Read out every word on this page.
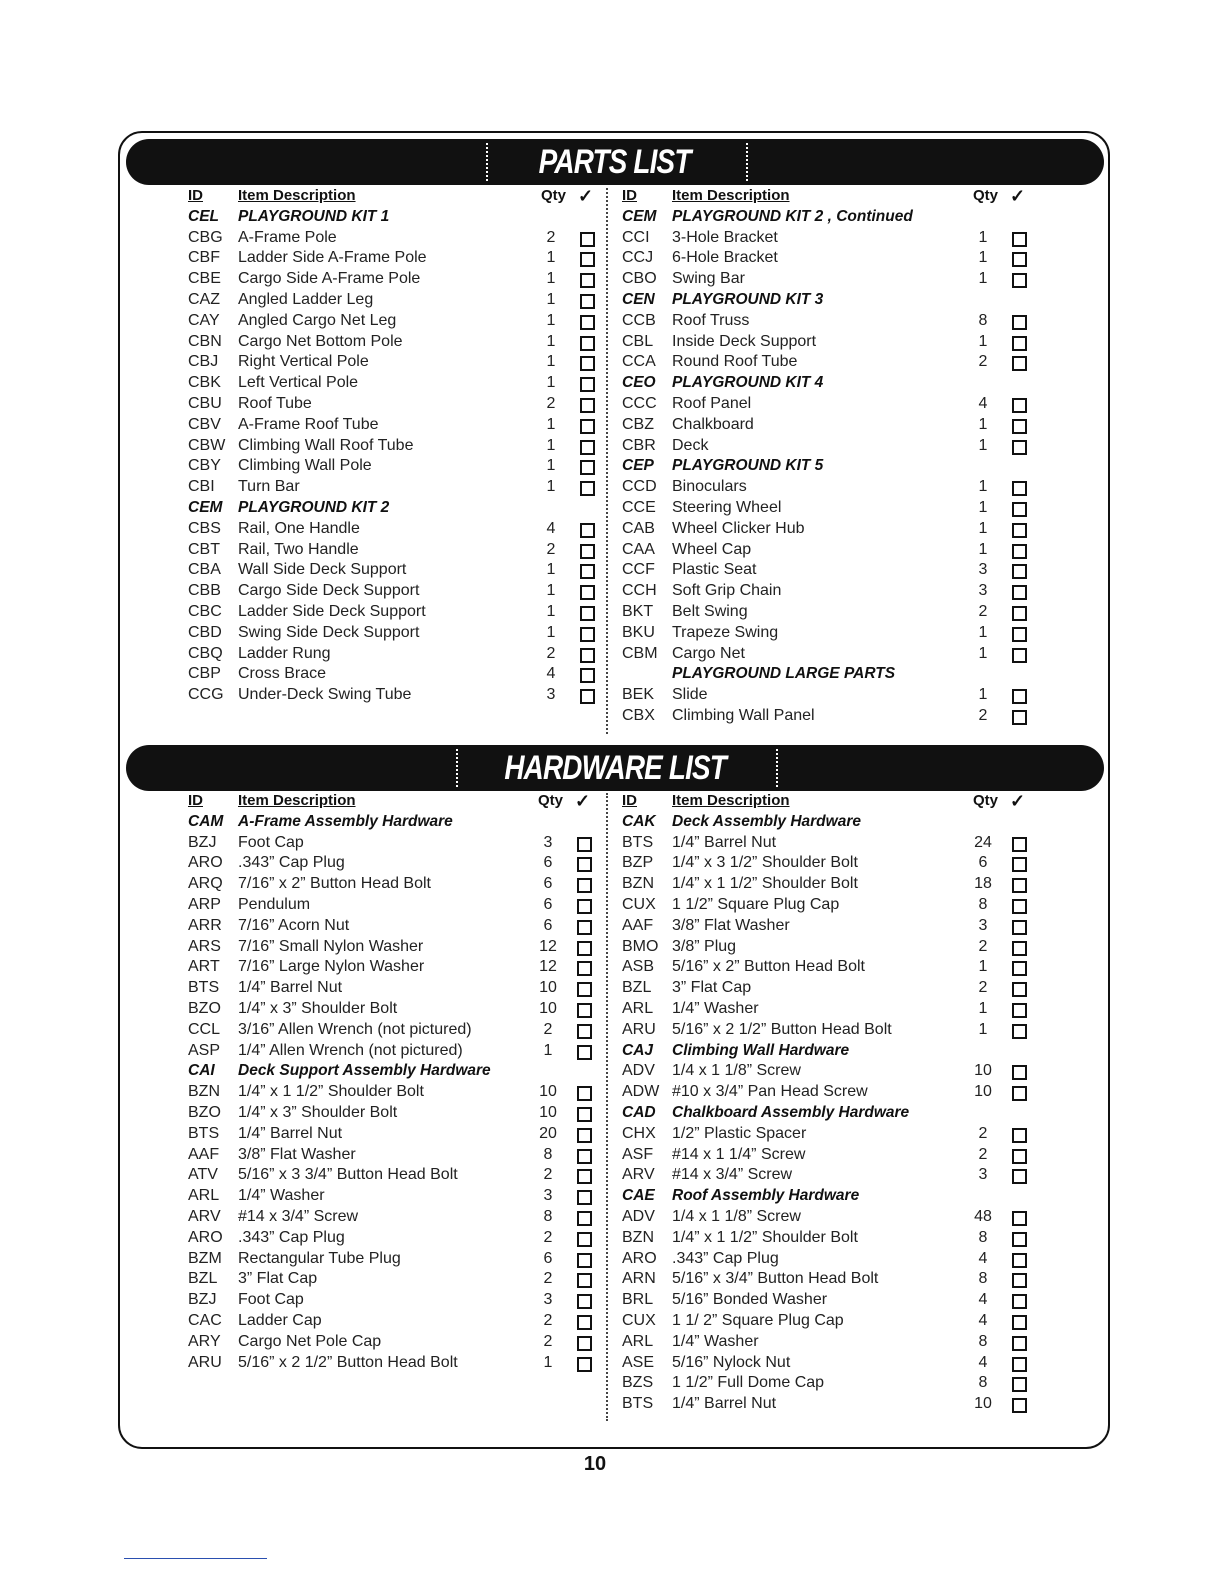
PARTS LIST
ID	Item Description	Qty ✓
CEL	PLAYGROUND KIT 1
CBG A-Frame Pole	2
CBF	Ladder Side A-Frame Pole	1
CBE	Cargo Side A-Frame Pole	1
CAZ	Angled Ladder Leg	1
CAY	Angled Cargo Net Leg	1
CBN	Cargo Net Bottom Pole	1
CBJ	Right Vertical Pole	1
CBK	Left Vertical Pole	1
CBU	Roof Tube	2
CBV	A-Frame Roof Tube	1
CBW Climbing Wall Roof Tube	1
CBY	Climbing Wall Pole	1
CBI	Turn Bar	1
CEM	PLAYGROUND KIT 2
CBS	Rail, One Handle	4
CBT	Rail, Two Handle	2
CBA	Wall Side Deck Support	1
CBB	Cargo Side Deck Support	1
CBC	Ladder Side Deck Support	1
CBD	Swing Side Deck Support	1
CBQ Ladder Rung	2
CBP	Cross Brace	4
CCG Under-Deck Swing Tube	3
ID	Item Description	Qty ✓
CEM	PLAYGROUND KIT 2 , Continued
CCI	3-Hole Bracket	1
CCJ	6-Hole Bracket	1
CBO Swing Bar	1
CEN	PLAYGROUND KIT 3
CCB	Roof Truss	8
CBL	Inside Deck Support	1
CCA	Round Roof Tube	2
CEO	PLAYGROUND KIT 4
CCC Roof Panel	4
CBZ	Chalkboard	1
CBR	Deck	1
CEP	PLAYGROUND KIT 5
CCD Binoculars	1
CCE	Steering Wheel	1
CAB	Wheel Clicker Hub	1
CAA	Wheel Cap	1
CCF	Plastic Seat	3
CCH Soft Grip Chain	3
BKT	Belt Swing	2
BKU	Trapeze Swing	1
CBM Cargo Net	1
PLAYGROUND LARGE PARTS
BEK	Slide	1
CBX	Climbing Wall Panel	2
HARDWARE LIST
ID	Item Description	Qty ✓
CAM A-Frame Assembly Hardware
BZJ	Foot Cap	3
ARO .343” Cap Plug	6
ARQ 7/16” x 2” Button Head Bolt	6
ARP	Pendulum	6
ARR	7/16” Acorn Nut	6
ARS	7/16” Small Nylon Washer	12
ART	7/16” Large Nylon Washer	12
BTS	1/4” Barrel Nut	10
BZO	1/4” x 3” Shoulder Bolt	10
CCL	3/16” Allen Wrench (not pictured)	2
ASP	1/4” Allen Wrench (not pictured)	1
CAI	Deck Support Assembly Hardware
BZN	1/4” x 1 1/2” Shoulder Bolt	10
BZO	1/4” x 3” Shoulder Bolt	10
BTS	1/4” Barrel Nut	20
AAF	3/8” Flat Washer	8
ATV	5/16” x 3 3/4” Button Head Bolt	2
ARL	1/4” Washer	3
ARV	#14 x 3/4” Screw	8
ARO .343” Cap Plug	2
BZM	Rectangular Tube Plug	6
BZL	3” Flat Cap	2
BZJ	Foot Cap	3
CAC	Ladder Cap	2
ARY	Cargo Net Pole Cap	2
ARU	5/16” x 2 1/2” Button Head Bolt	1
ID	Item Description	Qty ✓
CAK	Deck Assembly Hardware
BTS	1/4” Barrel Nut	24
BZP	1/4” x 3 1/2” Shoulder Bolt	6
BZN	1/4” x 1 1/2” Shoulder Bolt	18
CUX	1 1/2” Square Plug Cap	8
AAF	3/8” Flat Washer	3
BMO 3/8” Plug	2
ASB	5/16” x 2” Button Head Bolt	1
BZL	3” Flat Cap	2
ARL	1/4” Washer	1
ARU	5/16” x 2 1/2” Button Head Bolt	1
CAJ	Climbing Wall Hardware
ADV	1/4 x 1 1/8” Screw	10
ADW #10 x 3/4” Pan Head Screw	10
CAD	Chalkboard Assembly Hardware
CHX	1/2” Plastic Spacer	2
ASF	#14 x 1 1/4” Screw	2
ARV	#14 x 3/4” Screw	3
CAE	Roof Assembly Hardware
ADV	1/4 x 1 1/8” Screw	48
BZN	1/4” x 1 1/2” Shoulder Bolt	8
ARO .343” Cap Plug	4
ARN	5/16” x 3/4” Button Head Bolt	8
BRL	5/16” Bonded Washer	4
CUX	1 1/ 2” Square Plug Cap	4
ARL	1/4” Washer	8
ASE	5/16” Nylock Nut	4
BZS	1 1/2” Full Dome Cap	8
BTS	1/4” Barrel Nut	10
10
